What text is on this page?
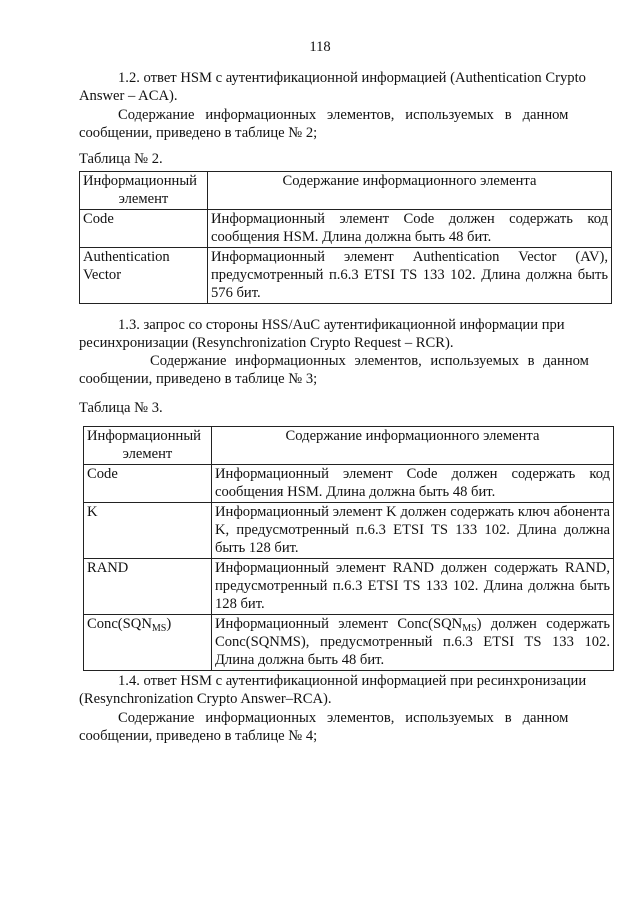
118
1.2. ответ HSM с аутентификационной информацией (Authentication Crypto
Answer – ACA).
Содержание   информационных   элементов,   используемых   в   данном
сообщении, приведено в таблице № 2;
Таблица № 2.
Информационный
элемент	Содержание информационного элемента
Code	Информационный элемент Code должен содержать код сообщения HSM. Длина должна быть 48 бит.
Authentication
Vector	Информационный элемент Authentication Vector (AV), предусмотренный п.6.3 ETSI TS 133 102. Длина должна быть 576 бит.
1.3. запрос со стороны HSS/AuC аутентификационной информации при
ресинхронизации (Resynchronization Crypto Request – RCR).
Содержание информационных элементов, используемых в данном
сообщении, приведено в таблице № 3;
Таблица № 3.
Информационный
элемент	Содержание информационного элемента
Code	Информационный элемент Code должен содержать код сообщения HSM. Длина должна быть 48 бит.
K	Информационный элемент K должен содержать ключ абонента K, предусмотренный п.6.3 ETSI TS 133 102. Длина должна быть 128 бит.
RAND	Информационный элемент RAND должен содержать RAND, предусмотренный п.6.3 ETSI TS 133 102. Длина должна быть 128 бит.
$Conc(SQN_{MS})$	Информационный элемент $Conc(SQN_{MS})$ должен содержать Conc(SQNMS), предусмотренный п.6.3 ETSI TS 133 102. Длина должна быть 48 бит.
1.4. ответ HSM с аутентификационной информацией при ресинхронизации
(Resynchronization Crypto Answer–RCA).
Содержание   информационных   элементов,   используемых   в   данном
сообщении, приведено в таблице № 4;
